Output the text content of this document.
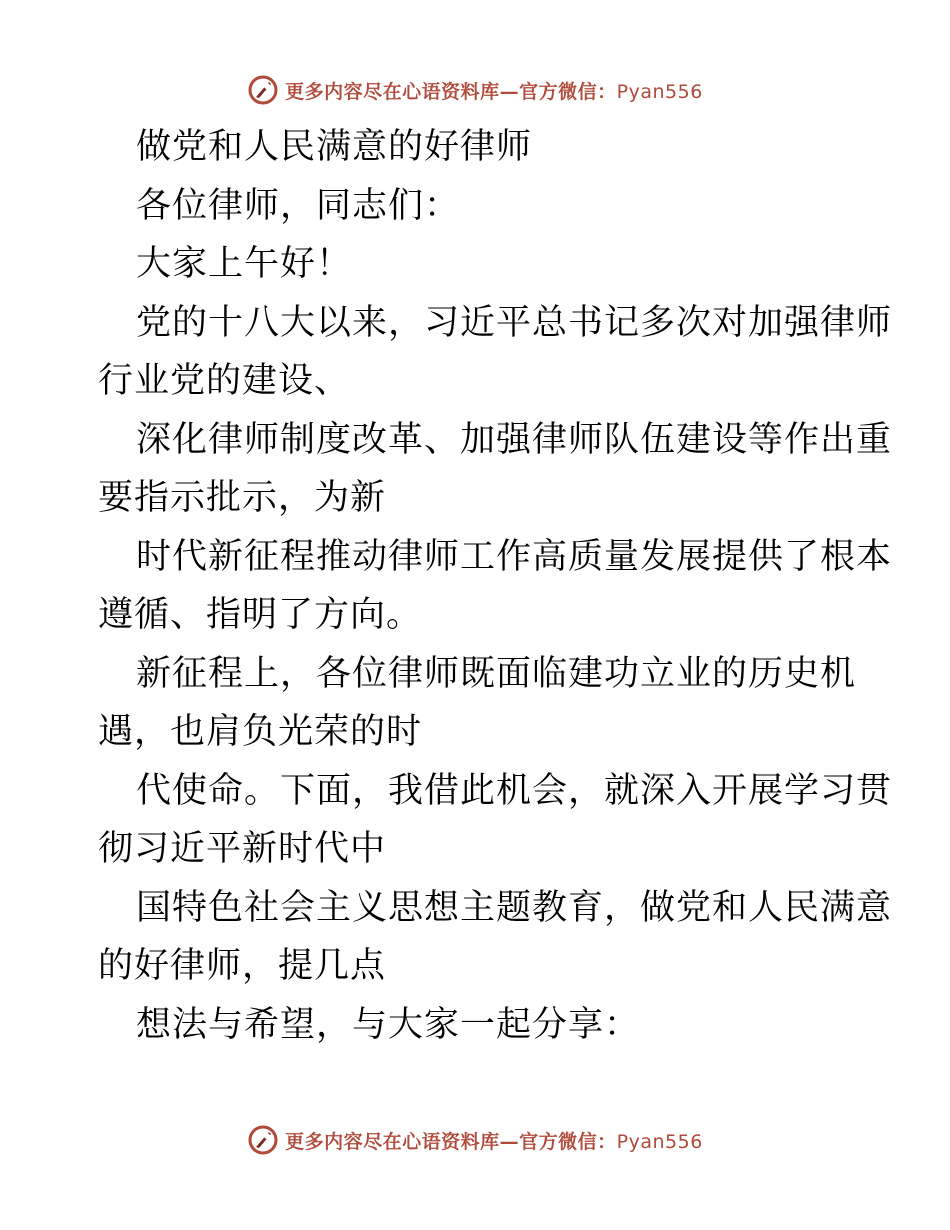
更多内容尽在心语资料库—官方微信：Pyan556
做党和人民满意的好律师
各位律师，同志们：
大家上午好！
党的十八大以来，习近平总书记多次对加强律师
行业党的建设、
深化律师制度改革、加强律师队伍建设等作出重
要指示批示，为新
时代新征程推动律师工作高质量发展提供了根本
遵循、指明了方向。
新征程上，各位律师既面临建功立业的历史机
遇，也肩负光荣的时
代使命。下面，我借此机会，就深入开展学习贯
彻习近平新时代中
国特色社会主义思想主题教育，做党和人民满意
的好律师，提几点
想法与希望，与大家一起分享：
更多内容尽在心语资料库—官方微信：Pyan556
